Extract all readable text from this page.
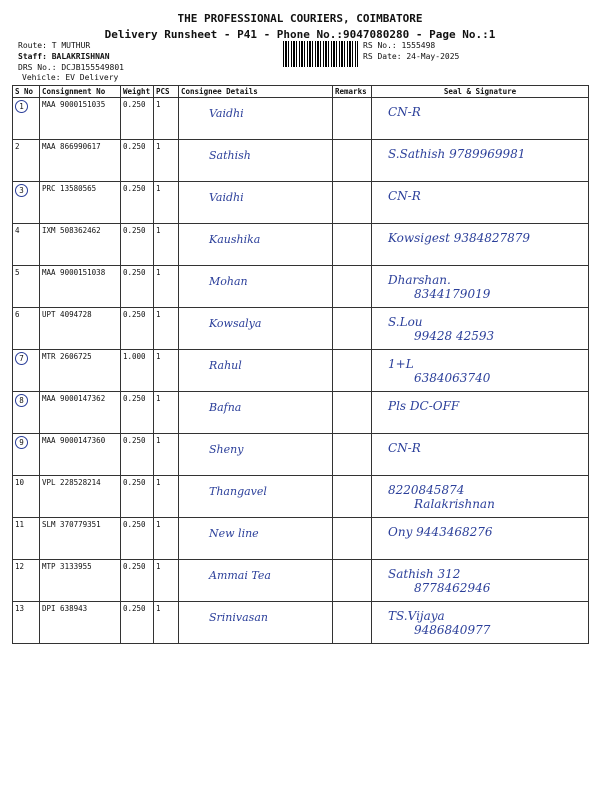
THE PROFESSIONAL COURIERS, COIMBATORE
Delivery Runsheet - P41 - Phone No.:9047080280 - Page No.:1
Route: T MUTHUR
Staff: BALAKRISHNAN
DRS No.: DCJB155549801
Vehicle: EV Delivery
RS No.: 1555498
RS Date: 24-May-2025
S No	Consignment No	Weight	PCS	Consignee Details	Remarks	Seal & Signature
1	MAA 9000151035	0.250	1	Vaidhi		CN-R

2	MAA 866990617	0.250	1	Sathish		S.Sathish 9789969981

3	PRC 13580565	0.250	1	Vaidhi		CN-R

4	IXM 508362462	0.250	1	Kaushika		Kowsigest 9384827879

5	MAA 9000151038	0.250	1	Mohan		Dharshan.
8344179019

6	UPT 4094728	0.250	1	Kowsalya		S.Lou
99428 42593

7	MTR 2606725	1.000	1	Rahul		1+L
6384063740

8	MAA 9000147362	0.250	1	Bafna		Pls DC-OFF

9	MAA 9000147360	0.250	1	Sheny		CN-R

10	VPL 228528214	0.250	1	Thangavel		8220845874
Ralakrishnan

11	SLM 370779351	0.250	1	New line		Ony 9443468276

12	MTP 3133955	0.250	1	Ammai Tea		Sathish 312
8778462946

13	DPI 638943	0.250	1	Srinivasan		TS.Vijaya
9486840977
